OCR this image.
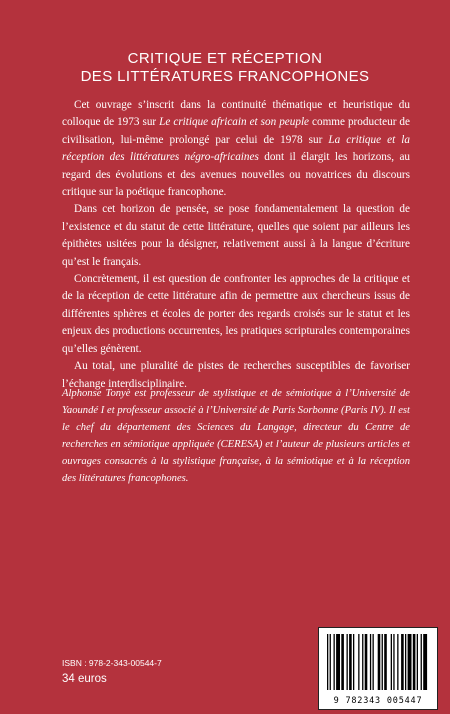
CRITIQUE ET RÉCEPTION
DES LITTÉRATURES FRANCOPHONES

Cet ouvrage s’inscrit dans la continuité thématique et heuristique du colloque de 1973 sur Le critique africain et son peuple comme producteur de civilisation, lui-même prolongé par celui de 1978 sur La critique et la réception des littératures négro-africaines dont il élargit les horizons, au regard des évolutions et des avenues nouvelles ou novatrices du discours critique sur la poétique francophone.

Dans cet horizon de pensée, se pose fondamentalement la question de l’existence et du statut de cette littérature, quelles que soient par ailleurs les épithètes usitées pour la désigner, relativement aussi à la langue d’écriture qu’est le français.

Concrètement, il est question de confronter les approches de la critique et de la réception de cette littérature afin de permettre aux chercheurs issus de différentes sphères et écoles de porter des regards croisés sur le statut et les enjeux des productions occurrentes, les pratiques scripturales contemporaines qu’elles génèrent.

Au total, une pluralité de pistes de recherches susceptibles de favoriser l’échange interdisciplinaire.

Alphonse Tonyè est professeur de stylistique et de sémiotique à l’Université de Yaoundé I et professeur associé à l’Université de Paris Sorbonne (Paris IV). Il est le chef du département des Sciences du Langage, directeur du Centre de recherches en sémiotique appliquée (CERESA) et l’auteur de plusieurs articles et ouvrages consacrés à la stylistique française, à la sémiotique et à la réception des littératures francophones.

ISBN : 978-2-343-00544-7
34 euros
9 782343 005447
